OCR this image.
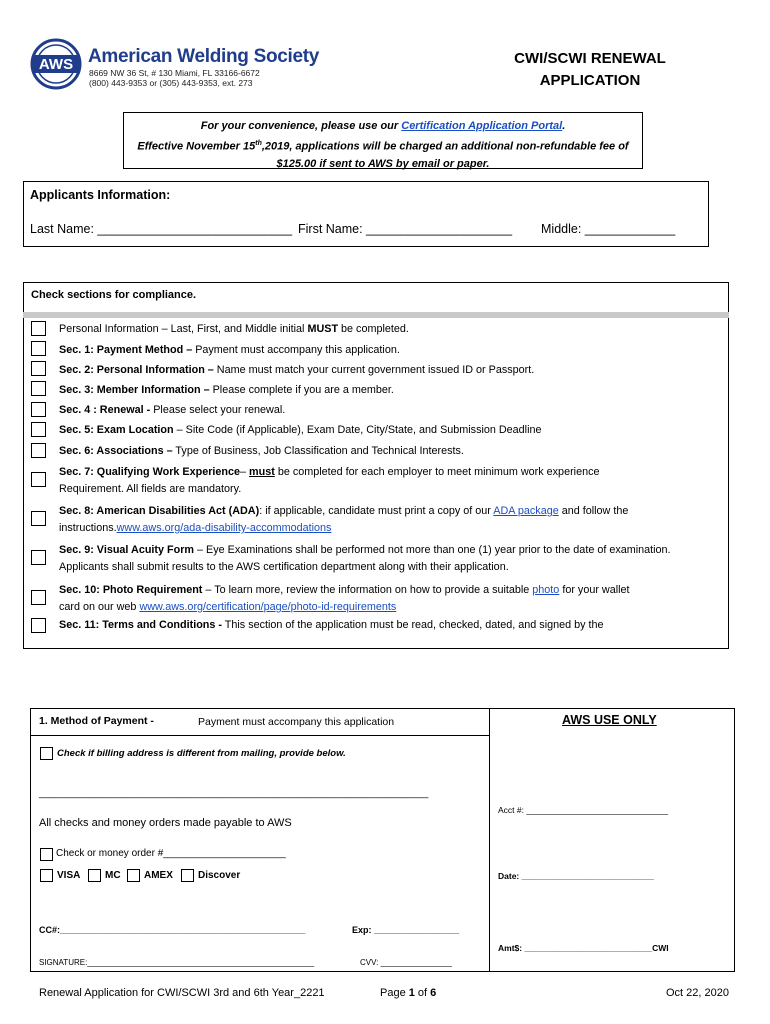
AWS American Welding Society
8669 NW 36 St, # 130 Miami, FL 33166-6672
(800) 443-9353 or (305) 443-9353, ext. 273
CWI/SCWI RENEWAL
APPLICATION
For your convenience, please use our Certification Application Portal.
Effective November 15th,2019, applications will be charged an additional non-refundable fee of
$125.00 if sent to AWS by email or paper.
Applicants Information:
Last Name: ____________________________ First Name: _____________________ Middle: _____________
Check sections for compliance.
Personal Information – Last, First, and Middle initial MUST be completed.
Sec. 1: Payment Method – Payment must accompany this application.
Sec. 2: Personal Information – Name must match your current government issued ID or Passport.
Sec. 3: Member Information – Please complete if you are a member.
Sec. 4 : Renewal - Please select your renewal.
Sec. 5: Exam Location – Site Code (if Applicable), Exam Date, City/State, and Submission Deadline
Sec. 6: Associations – Type of Business, Job Classification and Technical Interests.
Sec. 7: Qualifying Work Experience– must be completed for each employer to meet minimum work experience
Requirement. All fields are mandatory.
Sec. 8: American Disabilities Act (ADA): if applicable, candidate must print a copy of our ADA package and follow the
instructions.www.aws.org/ada-disability-accommodations
Sec. 9: Visual Acuity Form – Eye Examinations shall be performed not more than one (1) year prior to the date of examination.
Applicants shall submit results to the AWS certification department along with their application.
Sec. 10: Photo Requirement – To learn more, review the information on how to provide a suitable photo for your wallet
card on our web www.aws.org/certification/page/photo-id-requirements
Sec. 11: Terms and Conditions - This section of the application must be read, checked, dated, and signed by the
1. Method of Payment -	Payment must accompany this application	AWS USE ONLY
Check if billing address is different from mailing, provide below.
______________________________________________________________________
All checks and money orders made payable to AWS
Check or money order #______________________
VISA MC AMEX	Discover
CC#:_________________________________________________	Exp: _________________
SIGNATURE:___________________________________________________	CVV: ________________
Acct #: ______________________________
Date: ____________________________
Amt$: ___________________________CWI
Renewal Application for CWI/SCWI 3rd and 6th Year_2221	Page 1 of 6	Oct 22, 2020
